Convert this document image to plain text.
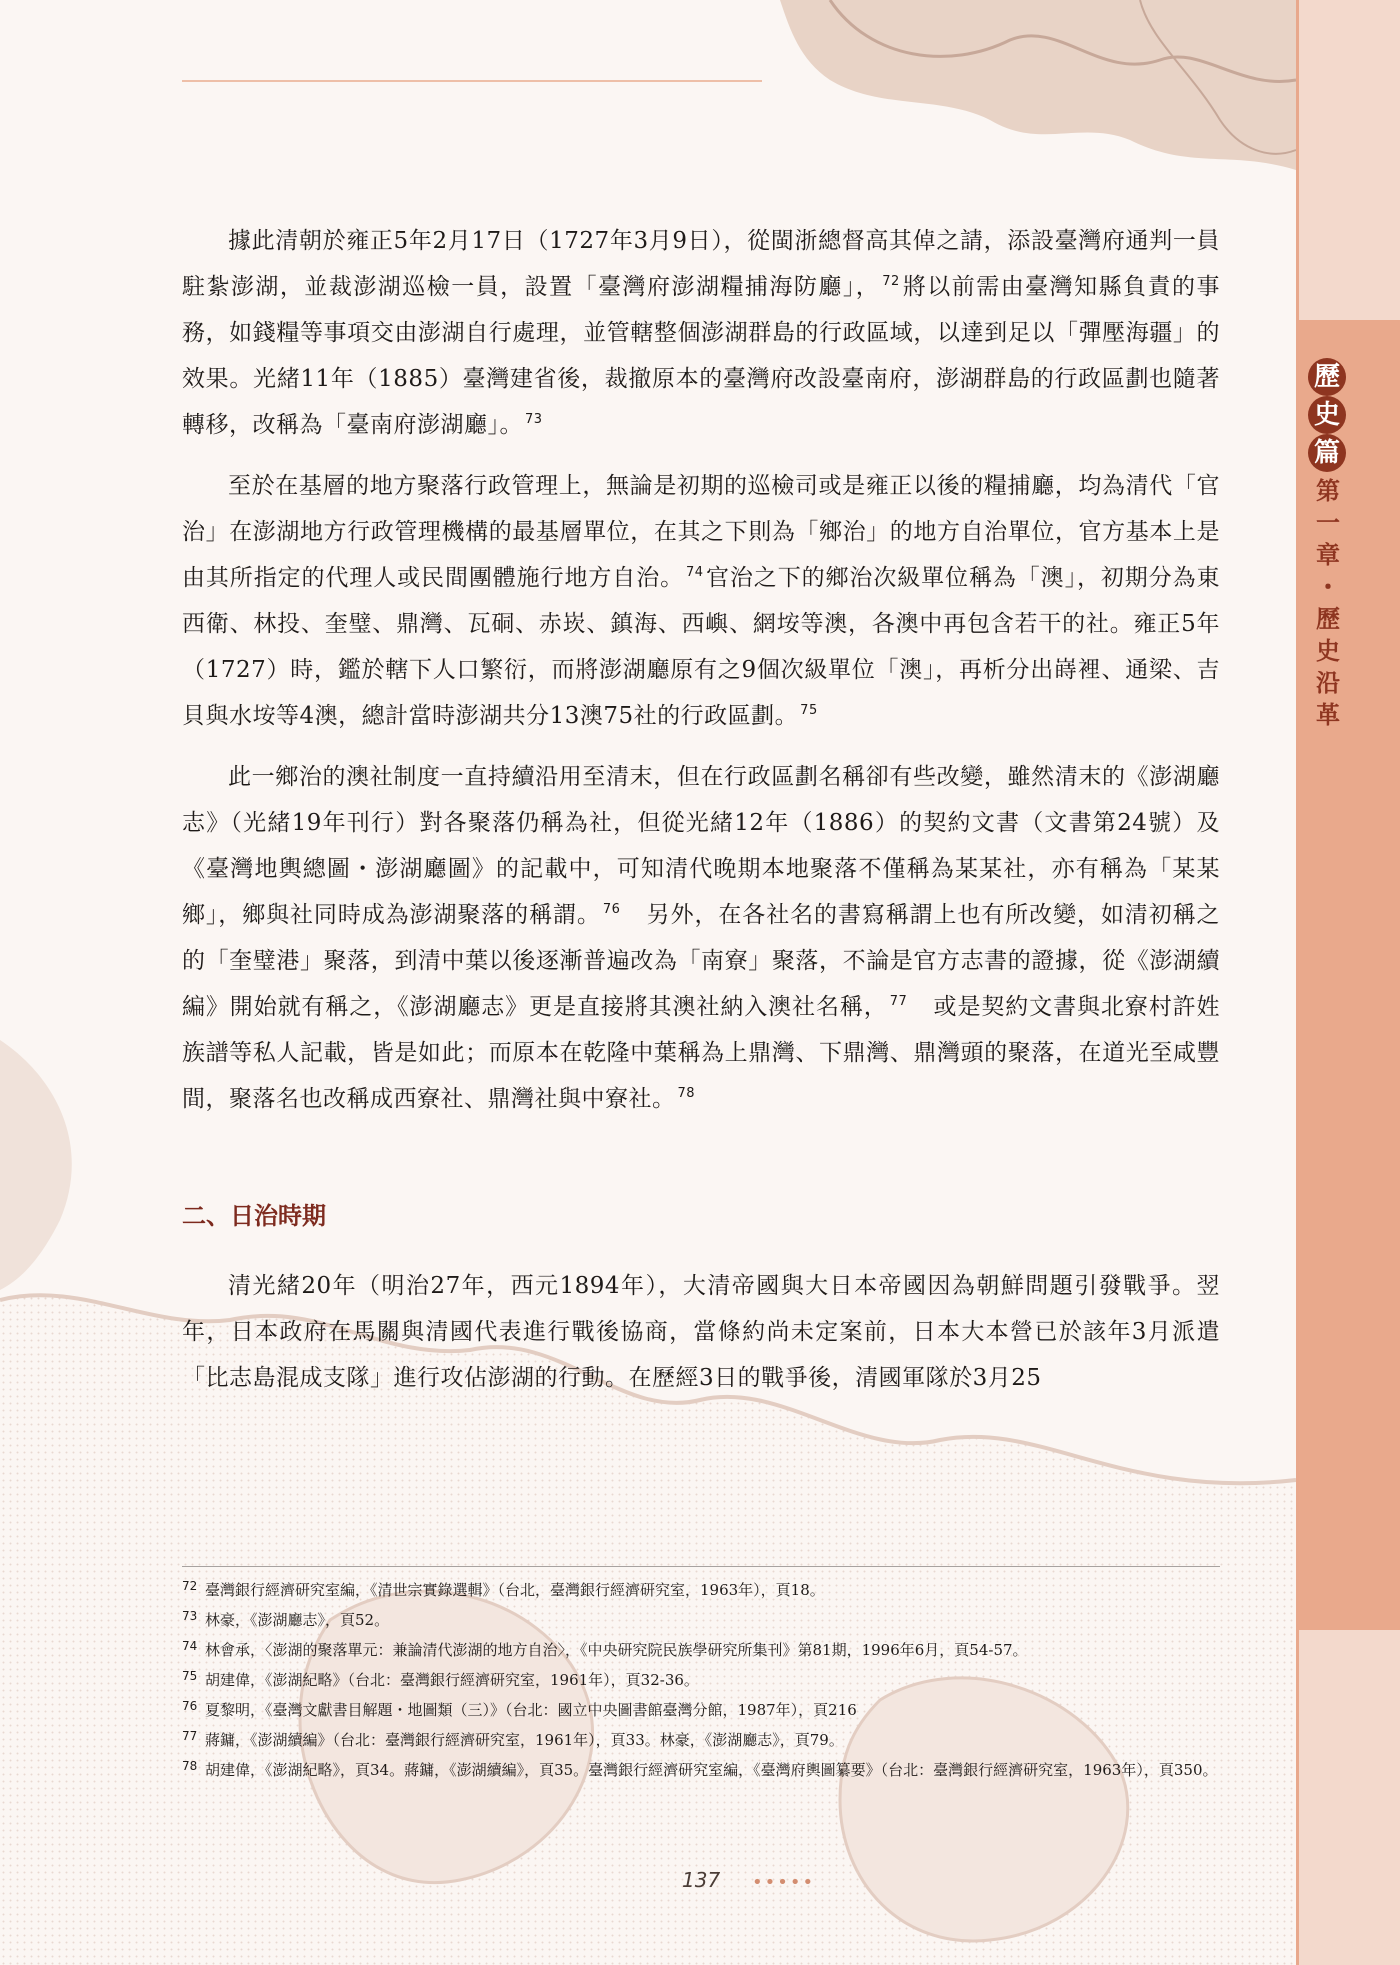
歷
史
篇
第
一
章
・
歷
史
沿
革

據此清朝於雍正5年2月17日（1727年3月9日），從閩浙總督高其倬之請，添設臺灣府通判一員駐紮澎湖，並裁澎湖巡檢一員，設置「臺灣府澎湖糧捕海防廳」， $^{72}$將以前需由臺灣知縣負責的事務，如錢糧等事項交由澎湖自行處理，並管轄整個澎湖群島的行政區域，以達到足以「彈壓海疆」的效果。光緒11年（1885）臺灣建省後，裁撤原本的臺灣府改設臺南府，澎湖群島的行政區劃也隨著轉移，改稱為「臺南府澎湖廳」。 $^{73}$

至於在基層的地方聚落行政管理上，無論是初期的巡檢司或是雍正以後的糧捕廳，均為清代「官治」在澎湖地方行政管理機構的最基層單位，在其之下則為「鄉治」的地方自治單位，官方基本上是由其所指定的代理人或民間團體施行地方自治。 $^{74}$官治之下的鄉治次級單位稱為「澳」，初期分為東西衛、林投、奎璧、鼎灣、瓦硐、赤崁、鎮海、西嶼、網垵等澳，各澳中再包含若干的社。雍正5年（1727）時，鑑於轄下人口繁衍，而將澎湖廳原有之9個次級單位「澳」，再析分出嵵裡、通梁、吉貝與水垵等4澳，總計當時澎湖共分13澳75社的行政區劃。 $^{75}$

此一鄉治的澳社制度一直持續沿用至清末，但在行政區劃名稱卻有些改變，雖然清末的《澎湖廳志》（光緒19年刊行）對各聚落仍稱為社，但從光緒12年（1886）的契約文書（文書第24號）及《臺灣地輿總圖・澎湖廳圖》的記載中，可知清代晚期本地聚落不僅稱為某某社，亦有稱為「某某鄉」，鄉與社同時成為澎湖聚落的稱謂。 $^{76}$　另外，在各社名的書寫稱謂上也有所改變，如清初稱之的「奎璧港」聚落，到清中葉以後逐漸普遍改為「南寮」聚落，不論是官方志書的證據，從《澎湖續編》開始就有稱之，《澎湖廳志》更是直接將其澳社納入澳社名稱， $^{77}$　或是契約文書與北寮村許姓族譜等私人記載，皆是如此；而原本在乾隆中葉稱為上鼎灣、下鼎灣、鼎灣頭的聚落，在道光至咸豐間，聚落名也改稱成西寮社、鼎灣社與中寮社。 $^{78}$

二、日治時期

清光緒20年（明治27年，西元1894年），大清帝國與大日本帝國因為朝鮮問題引發戰爭。翌年，日本政府在馬關與清國代表進行戰後協商，當條約尚未定案前，日本大本營已於該年3月派遣「比志島混成支隊」進行攻佔澎湖的行動。在歷經3日的戰爭後，清國軍隊於3月25

72 臺灣銀行經濟研究室編，《清世宗實錄選輯》（台北，臺灣銀行經濟研究室，1963年），頁18。
73 林豪，《澎湖廳志》，頁52。
74 林會承，〈澎湖的聚落單元：兼論清代澎湖的地方自治〉，《中央研究院民族學研究所集刊》第81期，1996年6月，頁54-57。
75 胡建偉，《澎湖紀略》（台北：臺灣銀行經濟研究室，1961年），頁32-36。
76 夏黎明，《臺灣文獻書目解題・地圖類（三）》（台北：國立中央圖書館臺灣分館，1987年），頁216
77 蔣鏞，《澎湖續編》（台北：臺灣銀行經濟研究室，1961年），頁33。林豪，《澎湖廳志》，頁79。
78 胡建偉，《澎湖紀略》，頁34。蔣鏞，《澎湖續編》，頁35。臺灣銀行經濟研究室編，《臺灣府輿圖纂要》（台北：臺灣銀行經濟研究室，1963年），頁350。
137 •••••
